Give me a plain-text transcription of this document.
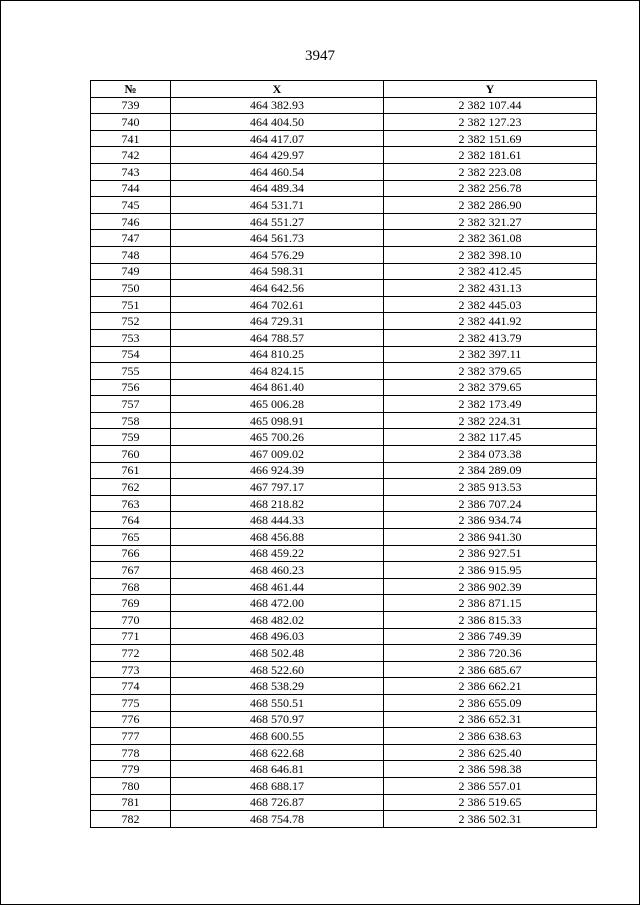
3947
№	X	Y
739	464 382.93	2 382 107.44
740	464 404.50	2 382 127.23
741	464 417.07	2 382 151.69
742	464 429.97	2 382 181.61
743	464 460.54	2 382 223.08
744	464 489.34	2 382 256.78
745	464 531.71	2 382 286.90
746	464 551.27	2 382 321.27
747	464 561.73	2 382 361.08
748	464 576.29	2 382 398.10
749	464 598.31	2 382 412.45
750	464 642.56	2 382 431.13
751	464 702.61	2 382 445.03
752	464 729.31	2 382 441.92
753	464 788.57	2 382 413.79
754	464 810.25	2 382 397.11
755	464 824.15	2 382 379.65
756	464 861.40	2 382 379.65
757	465 006.28	2 382 173.49
758	465 098.91	2 382 224.31
759	465 700.26	2 382 117.45
760	467 009.02	2 384 073.38
761	466 924.39	2 384 289.09
762	467 797.17	2 385 913.53
763	468 218.82	2 386 707.24
764	468 444.33	2 386 934.74
765	468 456.88	2 386 941.30
766	468 459.22	2 386 927.51
767	468 460.23	2 386 915.95
768	468 461.44	2 386 902.39
769	468 472.00	2 386 871.15
770	468 482.02	2 386 815.33
771	468 496.03	2 386 749.39
772	468 502.48	2 386 720.36
773	468 522.60	2 386 685.67
774	468 538.29	2 386 662.21
775	468 550.51	2 386 655.09
776	468 570.97	2 386 652.31
777	468 600.55	2 386 638.63
778	468 622.68	2 386 625.40
779	468 646.81	2 386 598.38
780	468 688.17	2 386 557.01
781	468 726.87	2 386 519.65
782	468 754.78	2 386 502.31
